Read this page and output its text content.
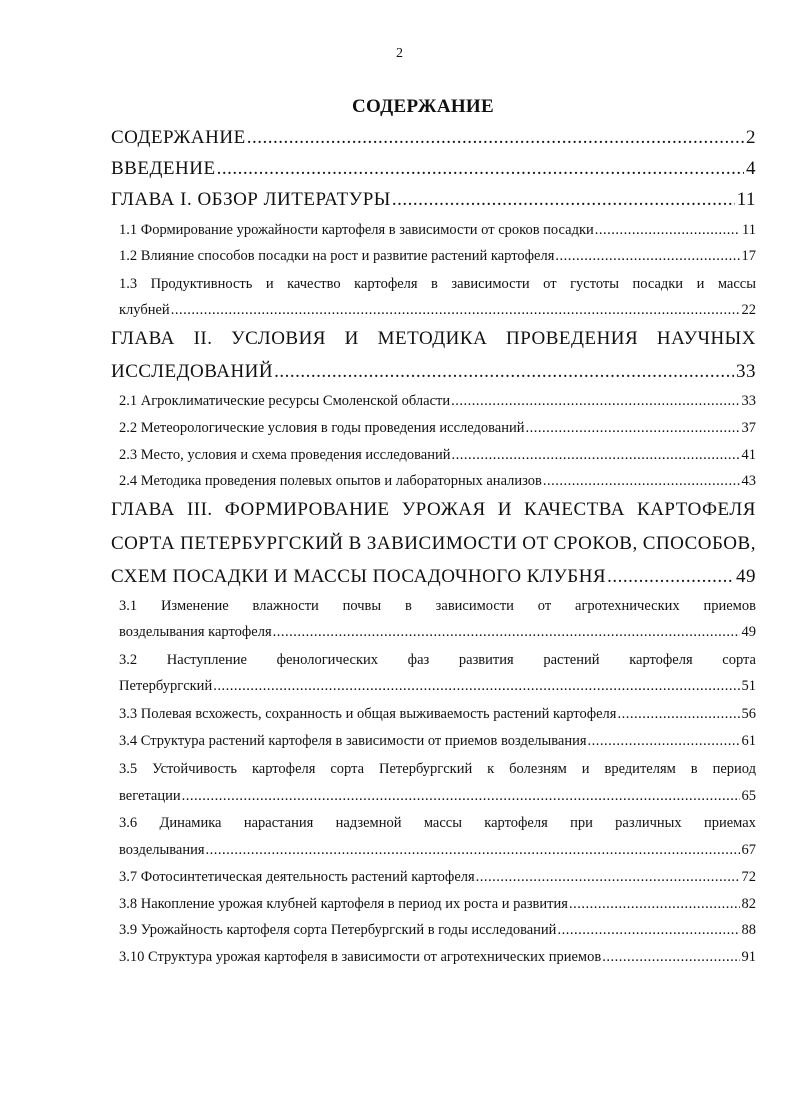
2
СОДЕРЖАНИЕ
СОДЕРЖАНИЕ .....	2
ВВЕДЕНИЕ .....	4
ГЛАВА I. ОБЗОР ЛИТЕРАТУРЫ .....	11
1.1 Формирование урожайности картофеля в зависимости от сроков посадки .....	11
1.2 Влияние способов посадки на рост и развитие растений картофеля .....	17
1.3 Продуктивность и качество картофеля в зависимости от густоты посадки и массы
клубней .....	22
ГЛАВА II. УСЛОВИЯ И МЕТОДИКА ПРОВЕДЕНИЯ НАУЧНЫХ
ИССЛЕДОВАНИЙ .....	33
2.1 Агроклиматические ресурсы Смоленской области .....	33
2.2 Метеорологические условия в годы проведения исследований .....	37
2.3 Место, условия и схема проведения исследований .....	41
2.4 Методика проведения полевых опытов и лабораторных анализов .....	43
ГЛАВА III. ФОРМИРОВАНИЕ УРОЖАЯ И КАЧЕСТВА КАРТОФЕЛЯ
СОРТА ПЕТЕРБУРГСКИЙ В ЗАВИСИМОСТИ ОТ СРОКОВ, СПОСОБОВ,
СХЕМ ПОСАДКИ И МАССЫ ПОСАДОЧНОГО КЛУБНЯ .....	49
3.1 Изменение влажности почвы в зависимости от агротехнических приемов
возделывания картофеля .....	49
3.2 Наступление фенологических фаз развития растений картофеля сорта
Петербургский .....	51
3.3 Полевая всхожесть, сохранность и общая выживаемость растений картофеля .....	56
3.4 Структура растений картофеля в зависимости от приемов возделывания .....	61
3.5 Устойчивость картофеля сорта Петербургский к болезням и вредителям в период
вегетации .....	65
3.6 Динамика нарастания надземной массы картофеля при различных приемах
возделывания .....	67
3.7 Фотосинтетическая деятельность растений картофеля .....	72
3.8 Накопление урожая клубней картофеля в период их роста и развития .....	82
3.9 Урожайность картофеля сорта Петербургский в годы исследований .....	88
3.10 Структура урожая картофеля в зависимости от агротехнических приемов .....	91
